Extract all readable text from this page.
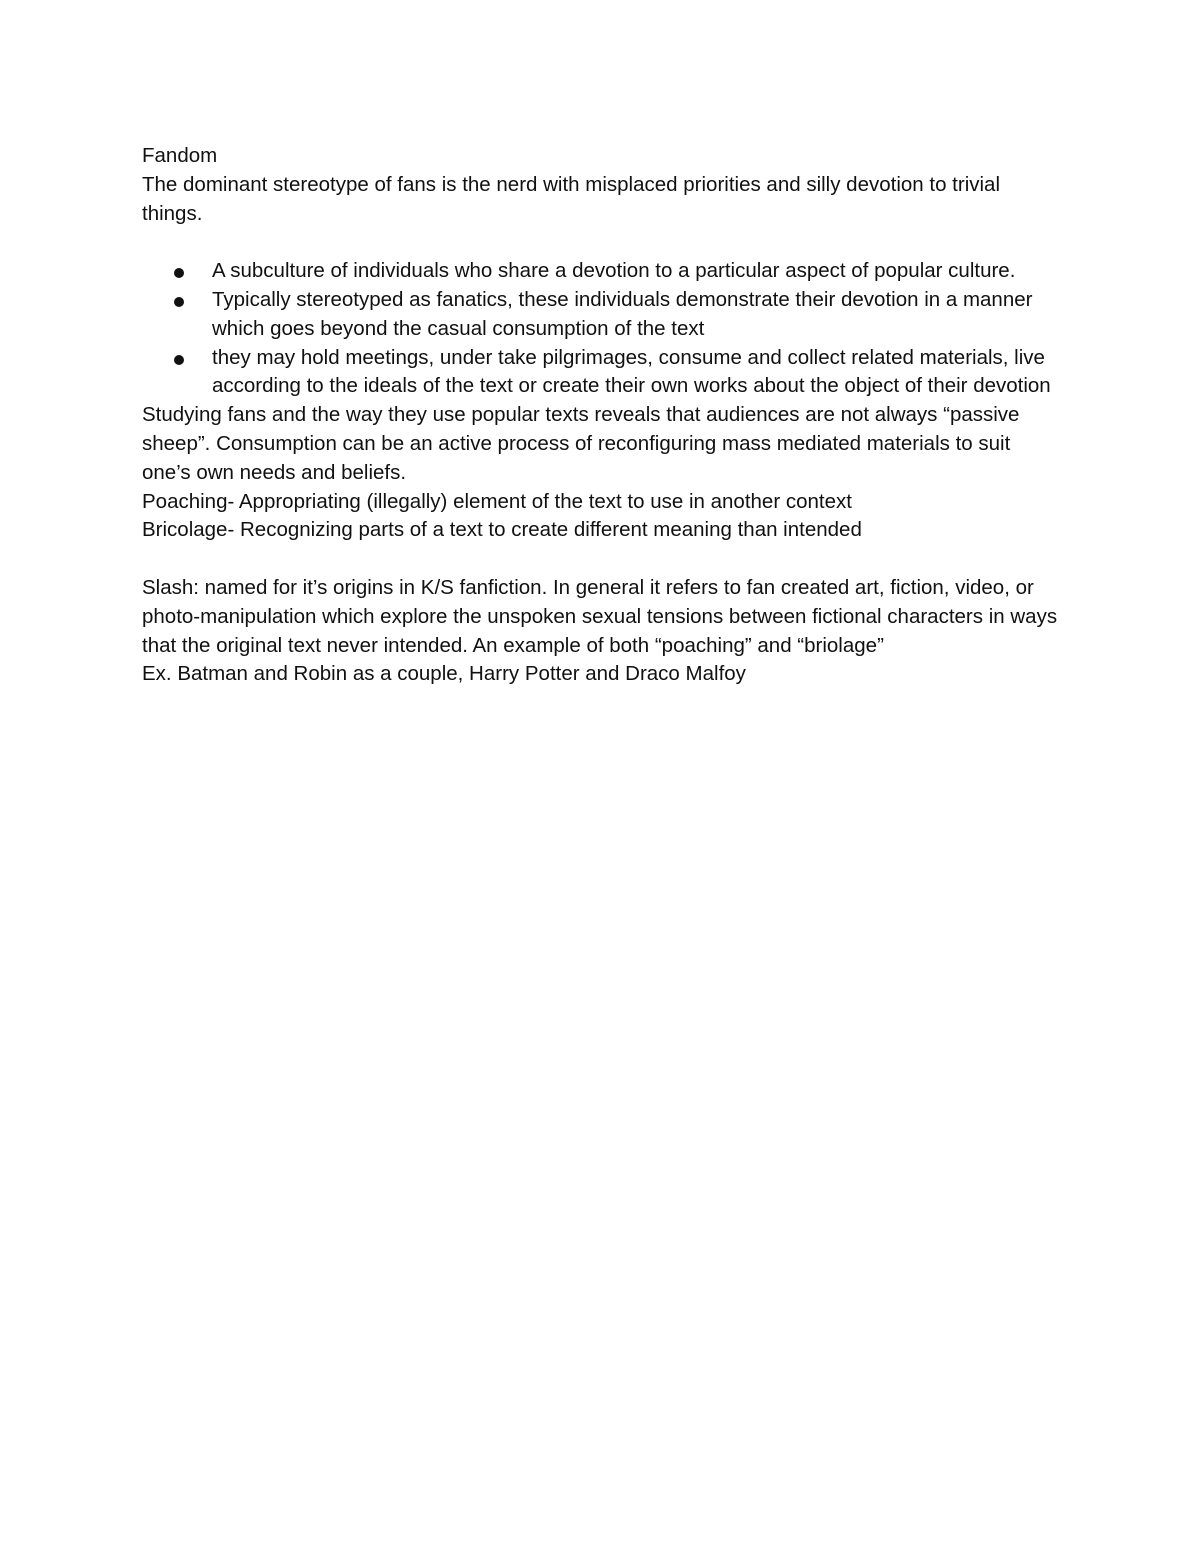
Fandom

The dominant stereotype of fans is the nerd with misplaced priorities and silly devotion to trivial things.

A subculture of individuals who share a devotion to a particular aspect of popular culture.
Typically stereotyped as fanatics, these individuals demonstrate their devotion in a manner which goes beyond the casual consumption of the text
they may hold meetings, under take pilgrimages, consume and collect related materials, live according to the ideals of the text or create their own works about the object of their devotion

Studying fans and the way they use popular texts reveals that audiences are not always “passive sheep”. Consumption can be an active process of reconfiguring mass mediated materials to suit one’s own needs and beliefs.

Poaching- Appropriating (illegally) element of the text to use in another context

Bricolage- Recognizing parts of a text to create different meaning than intended

Slash: named for it’s origins in K/S fanfiction. In general it refers to fan created art, fiction, video, or photo-manipulation which explore the unspoken sexual tensions between fictional characters in ways that the original text never intended. An example of both “poaching” and “briolage”

Ex. Batman and Robin as a couple, Harry Potter and Draco Malfoy
